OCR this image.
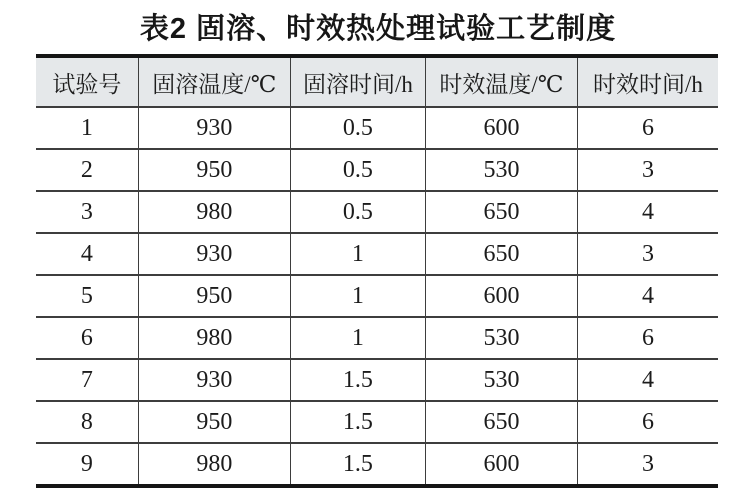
表2 固溶、时效热处理试验工艺制度
试验号	固溶温度/℃	固溶时间/h	时效温度/℃	时效时间/h
1	930	0.5	600	6
2	950	0.5	530	3
3	980	0.5	650	4
4	930	1	650	3
5	950	1	600	4
6	980	1	530	6
7	930	1.5	530	4
8	950	1.5	650	6
9	980	1.5	600	3
